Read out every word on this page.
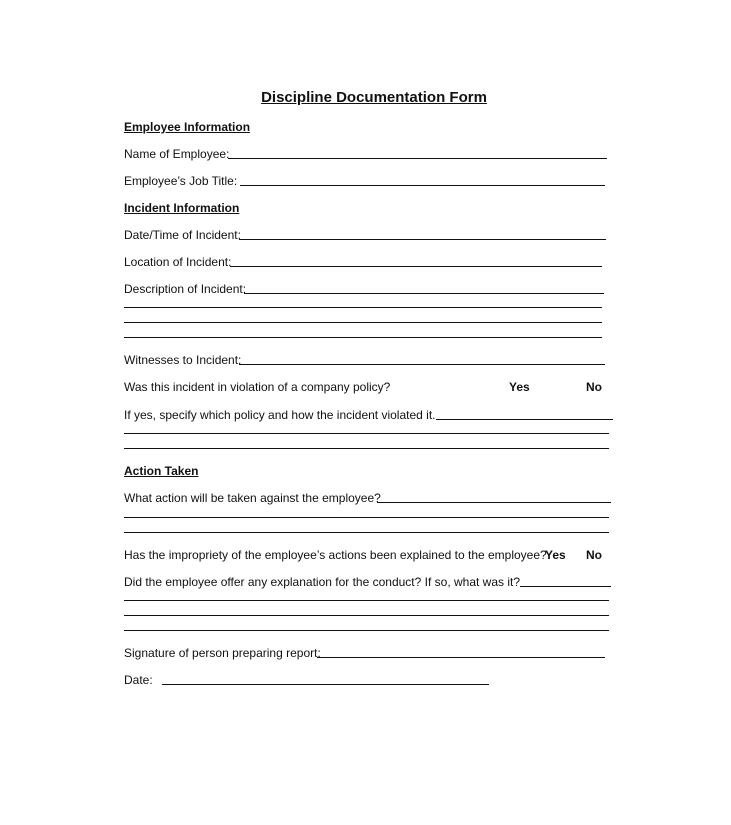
Discipline Documentation Form
Employee Information
Name of Employee:
Employee’s Job Title:
Incident Information
Date/Time of Incident:
Location of Incident:
Description of Incident:
Witnesses to Incident:
Was this incident in violation of a company policy?	Yes	No
If yes, specify which policy and how the incident violated it.
Action Taken
What action will be taken against the employee?
Has the impropriety of the employee’s actions been explained to the employee?
Yes No
Did the employee offer any explanation for the conduct? If so, what was it?
Signature of person preparing report:
Date:
